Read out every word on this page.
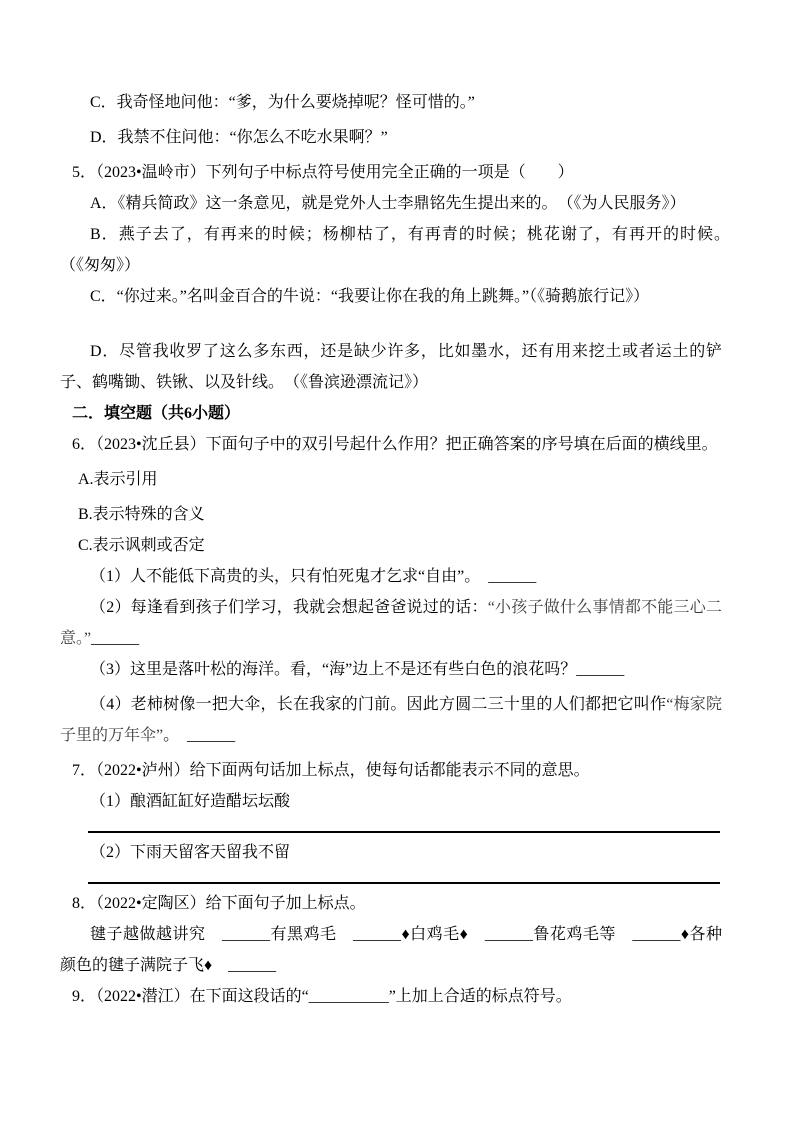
C．我奇怪地问他：“爹，为什么要烧掉呢？怪可惜的。”

D．我禁不住问他：“你怎么不吃水果啊？”

5．（2023•温岭市）下列句子中标点符号使用完全正确的一项是（　　）

A．《精兵简政》这一条意见，就是党外人士李鼎铭先生提出来的。　（《为人民服务》）

B．燕子去了，有再来的时候；杨柳枯了，有再青的时候；桃花谢了，有再开的时候。　（《匆匆》）

C．“你过来。”名叫金百合的牛说：“我要让你在我的角上跳舞。”（《骑鹅旅行记》）

D．尽管我收罗了这么多东西，还是缺少许多，比如墨水，还有用来挖土或者运土的铲子、鹤嘴锄、铁锹、以及针线。　（《鲁滨逊漂流记》）

二．填空题（共6小题）

6．（2023•沈丘县）下面句子中的双引号起什么作用？把正确答案的序号填在后面的横线里。

A.表示引用

B.表示特殊的含义

C.表示讽刺或否定

（1）人不能低下高贵的头，只有怕死鬼才乞求“自由”。　______

（2）每逢看到孩子们学习，我就会想起爸爸说过的话：“小孩子做什么事情都不能三心二意。”______

（3）这里是落叶松的海洋。看，“海”边上不是还有些白色的浪花吗？______

（4）老柿树像一把大伞，长在我家的门前。因此方圆二三十里的人们都把它叫作“梅家院子里的万年伞”。　______

7．（2022•泸州）给下面两句话加上标点，使每句话都能表示不同的意思。

（1）酿酒缸缸好造醋坛坛酸

（2）下雨天留客天留我不留

8．（2022•定陶区）给下面句子加上标点。

毽子越做越讲究　______有黑鸡毛　______♦白鸡毛♦　______鲁花鸡毛等　______♦各种颜色的毽子满院子飞♦　______

9．（2022•潜江）在下面这段话的“__________”上加上合适的标点符号。
